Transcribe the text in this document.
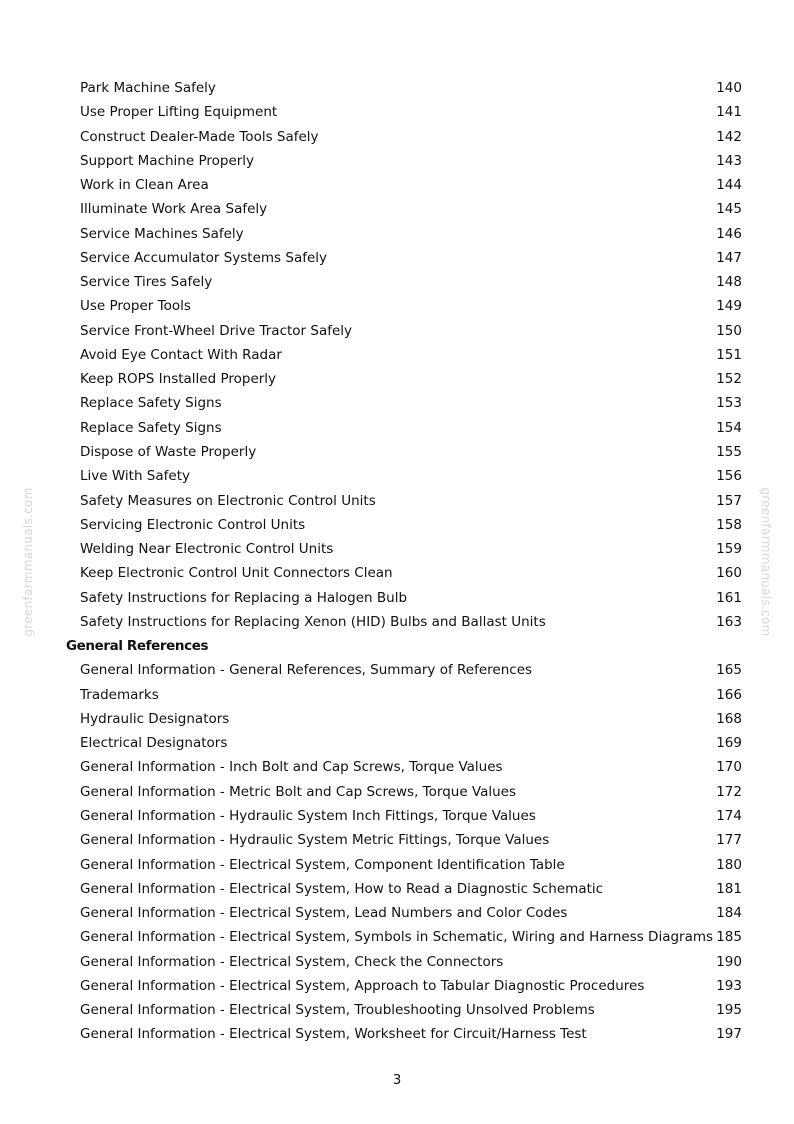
greenfarmmanuals.com	greenfarmmanuals.com
Park Machine Safely	140
Use Proper Lifting Equipment	141
Construct Dealer-Made Tools Safely	142
Support Machine Properly	143
Work in Clean Area	144
Illuminate Work Area Safely	145
Service Machines Safely	146
Service Accumulator Systems Safely	147
Service Tires Safely	148
Use Proper Tools	149
Service Front-Wheel Drive Tractor Safely	150
Avoid Eye Contact With Radar	151
Keep ROPS Installed Properly	152
Replace Safety Signs	153
Replace Safety Signs	154
Dispose of Waste Properly	155
Live With Safety	156
Safety Measures on Electronic Control Units	157
Servicing Electronic Control Units	158
Welding Near Electronic Control Units	159
Keep Electronic Control Unit Connectors Clean	160
Safety Instructions for Replacing a Halogen Bulb	161
Safety Instructions for Replacing Xenon (HID) Bulbs and Ballast Units	163
General References
General Information - General References, Summary of References	165
Trademarks	166
Hydraulic Designators	168
Electrical Designators	169
General Information - Inch Bolt and Cap Screws, Torque Values	170
General Information - Metric Bolt and Cap Screws, Torque Values	172
General Information - Hydraulic System Inch Fittings, Torque Values	174
General Information - Hydraulic System Metric Fittings, Torque Values	177
General Information - Electrical System, Component Identification Table	180
General Information - Electrical System, How to Read a Diagnostic Schematic	181
General Information - Electrical System, Lead Numbers and Color Codes	184
General Information - Electrical System, Symbols in Schematic, Wiring and Harness Diagrams 185
General Information - Electrical System, Check the Connectors	190
General Information - Electrical System, Approach to Tabular Diagnostic Procedures	193
General Information - Electrical System, Troubleshooting Unsolved Problems	195
General Information - Electrical System, Worksheet for Circuit/Harness Test	197
3
